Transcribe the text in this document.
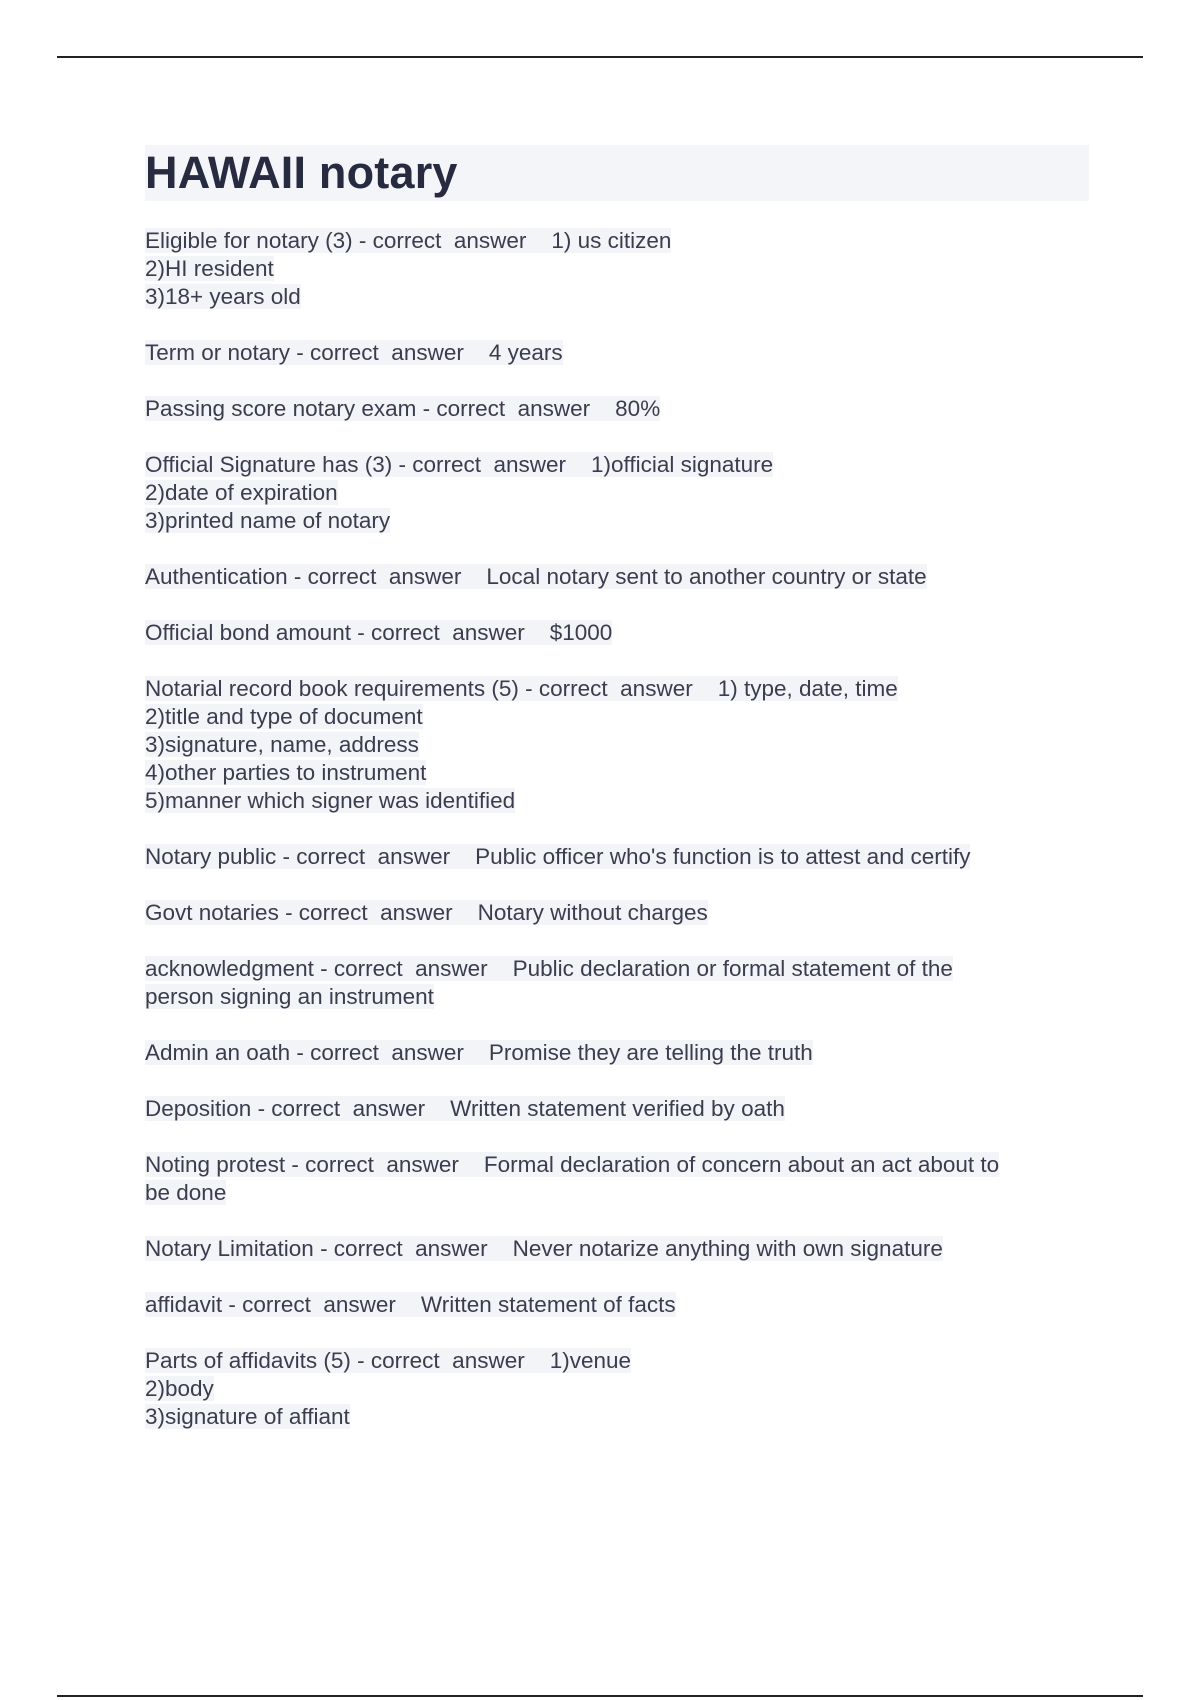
HAWAII notary
Eligible for notary (3) - correct  answer    1) us citizen
2)HI resident
3)18+ years old
Term or notary - correct  answer    4 years
Passing score notary exam - correct  answer    80%
Official Signature has (3) - correct  answer    1)official signature
2)date of expiration
3)printed name of notary
Authentication - correct  answer    Local notary sent to another country or state
Official bond amount - correct  answer    $1000
Notarial record book requirements (5) - correct  answer    1) type, date, time
2)title and type of document
3)signature, name, address
4)other parties to instrument
5)manner which signer was identified
Notary public - correct  answer    Public officer who's function is to attest and certify
Govt notaries - correct  answer    Notary without charges
acknowledgment - correct  answer    Public declaration or formal statement of the
person signing an instrument
Admin an oath - correct  answer    Promise they are telling the truth
Deposition - correct  answer    Written statement verified by oath
Noting protest - correct  answer    Formal declaration of concern about an act about to
be done
Notary Limitation - correct  answer    Never notarize anything with own signature
affidavit - correct  answer    Written statement of facts
Parts of affidavits (5) - correct  answer    1)venue
2)body
3)signature of affiant
